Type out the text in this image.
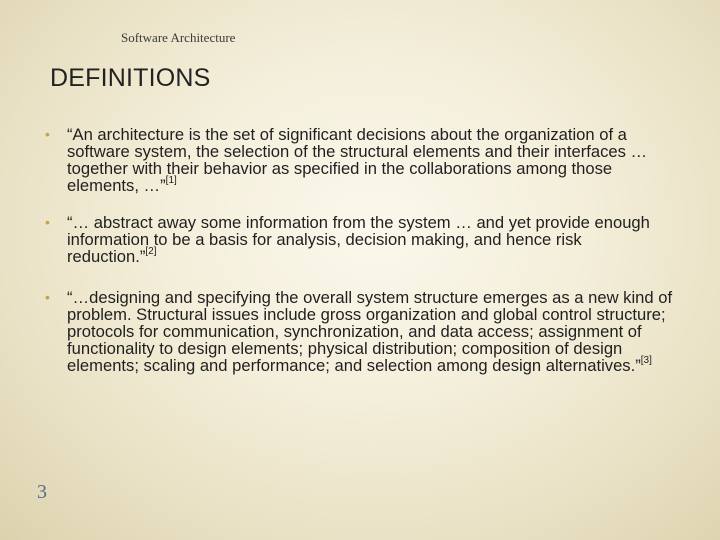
Software Architecture
DEFINITIONS
• “An architecture is the set of significant decisions about the organization of a software system, the selection of the structural elements and their interfaces … together with their behavior as specified in the collaborations among those elements, …”[1]
• “… abstract away some information from the system … and yet provide enough information to be a basis for analysis, decision making, and hence risk reduction.”[2]
• “…designing and specifying the overall system structure emerges as a new kind of problem. Structural issues include gross organization and global control structure; protocols for communication, synchronization, and data access; assignment of functionality to design elements; physical distribution; composition of design elements; scaling and performance; and selection among design alternatives.”[3]
3
